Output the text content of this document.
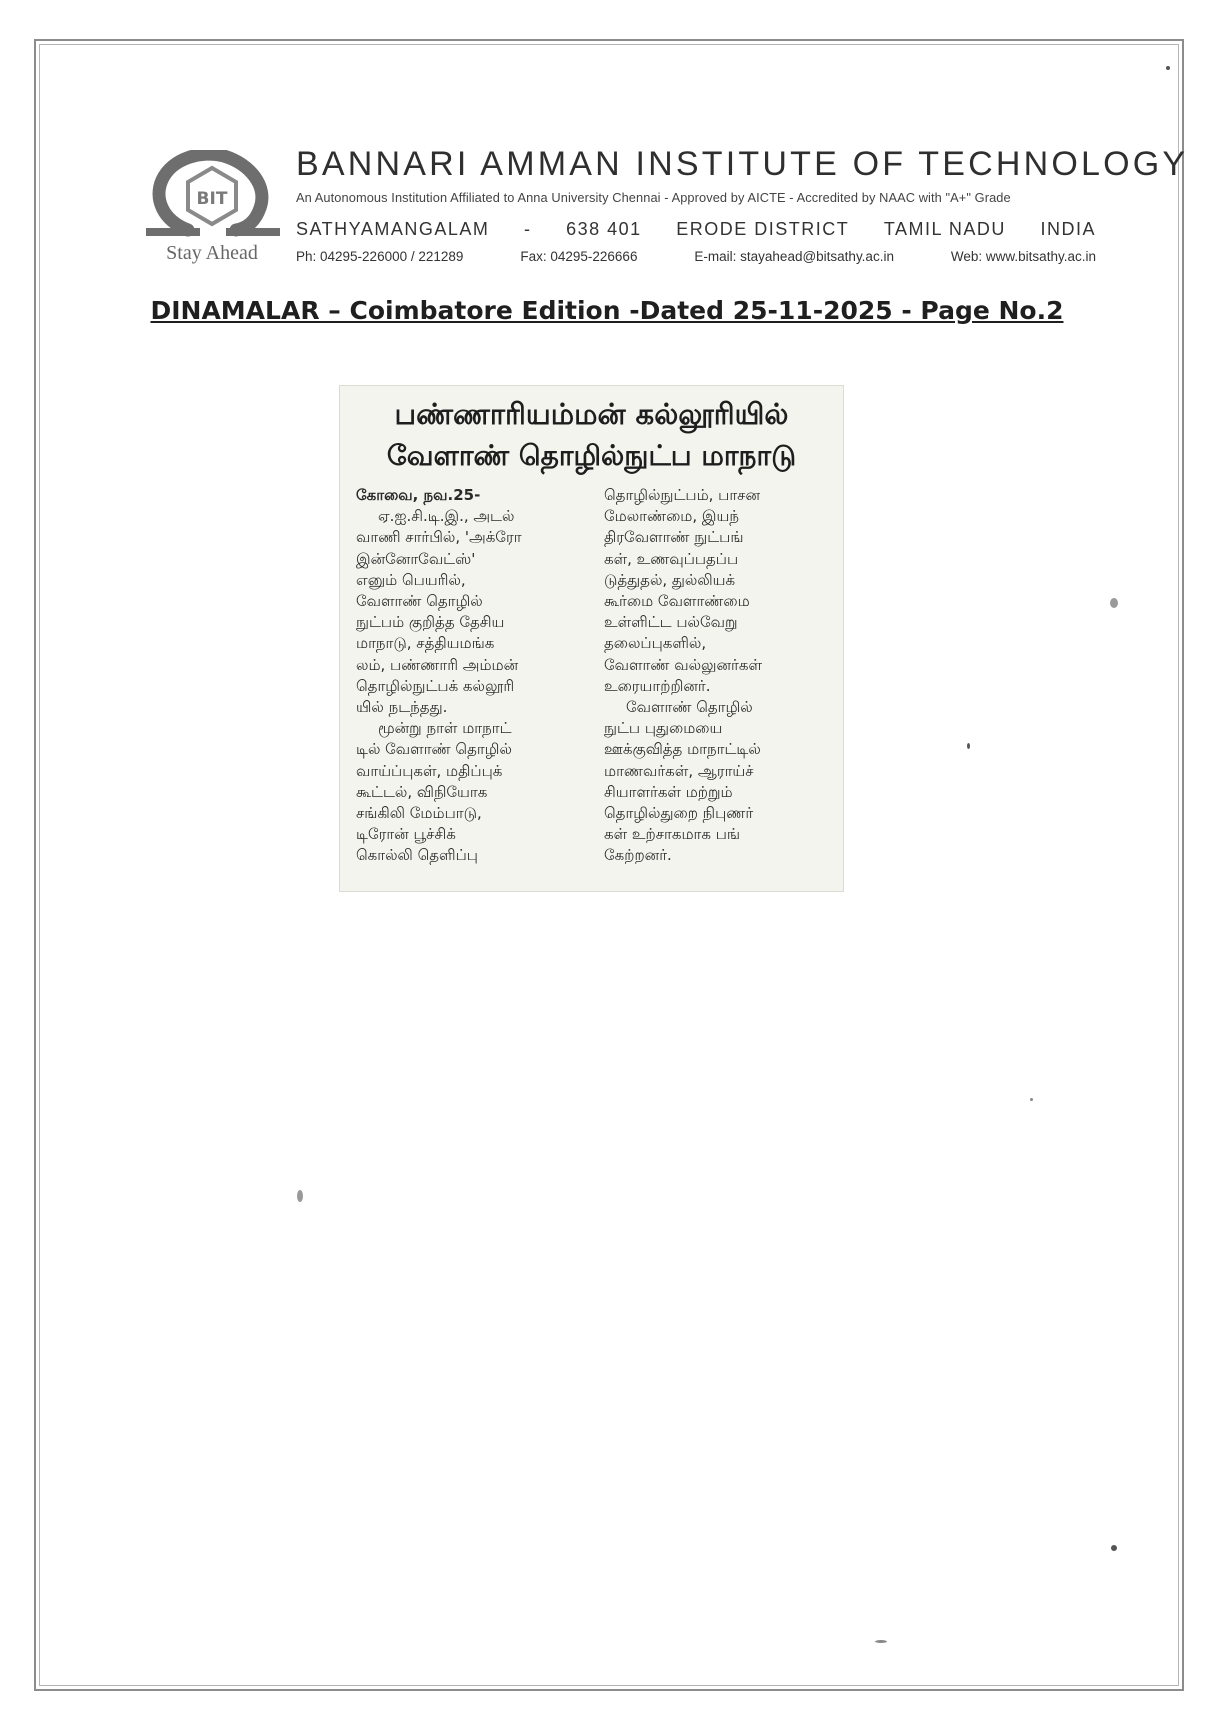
BIT
Stay Ahead
BANNARI AMMAN INSTITUTE OF TECHNOLOGY
An Autonomous Institution Affiliated to Anna University Chennai - Approved by AICTE - Accredited by NAAC with "A+" Grade
SATHYAMANGALAM - 638 401 ERODE DISTRICT TAMIL NADU INDIA
Ph: 04295-226000 / 221289	Fax: 04295-226666	E-mail: stayahead@bitsathy.ac.in	Web: www.bitsathy.ac.in
DINAMALAR – Coimbatore Edition -Dated 25-11-2025 - Page No.2
பண்ணாரியம்மன் கல்லூரியில்
வேளாண் தொழில்நுட்ப மாநாடு
கோவை, நவ.25-
ஏ.ஐ.சி.டி.இ., அடல்
வாணி சார்பில், 'அக்ரோ
இன்னோவேட்ஸ்'
எனும் பெயரில்,
வேளாண் தொழில்
நுட்பம் குறித்த தேசிய
மாநாடு, சத்தியமங்க
லம், பண்ணாரி அம்மன்
தொழில்நுட்பக் கல்லூரி
யில் நடந்தது.
மூன்று நாள் மாநாட்
டில் வேளாண் தொழில்
வாய்ப்புகள், மதிப்புக்
கூட்டல், விநியோக
சங்கிலி மேம்பாடு,
டிரோன் பூச்சிக்
கொல்லி தெளிப்பு
தொழில்நுட்பம், பாசன
மேலாண்மை, இயந்
திரவேளாண் நுட்பங்
கள், உணவுப்பதப்ப
டுத்துதல், துல்லியக்
கூர்மை வேளாண்மை
உள்ளிட்ட பல்வேறு
தலைப்புகளில்,
வேளாண் வல்லுனர்கள்
உரையாற்றினர்.
வேளாண் தொழில்
நுட்ப புதுமையை
ஊக்குவித்த மாநாட்டில்
மாணவர்கள், ஆராய்ச்
சியாளர்கள் மற்றும்
தொழில்துறை நிபுணர்
கள் உற்சாகமாக பங்
கேற்றனர்.
